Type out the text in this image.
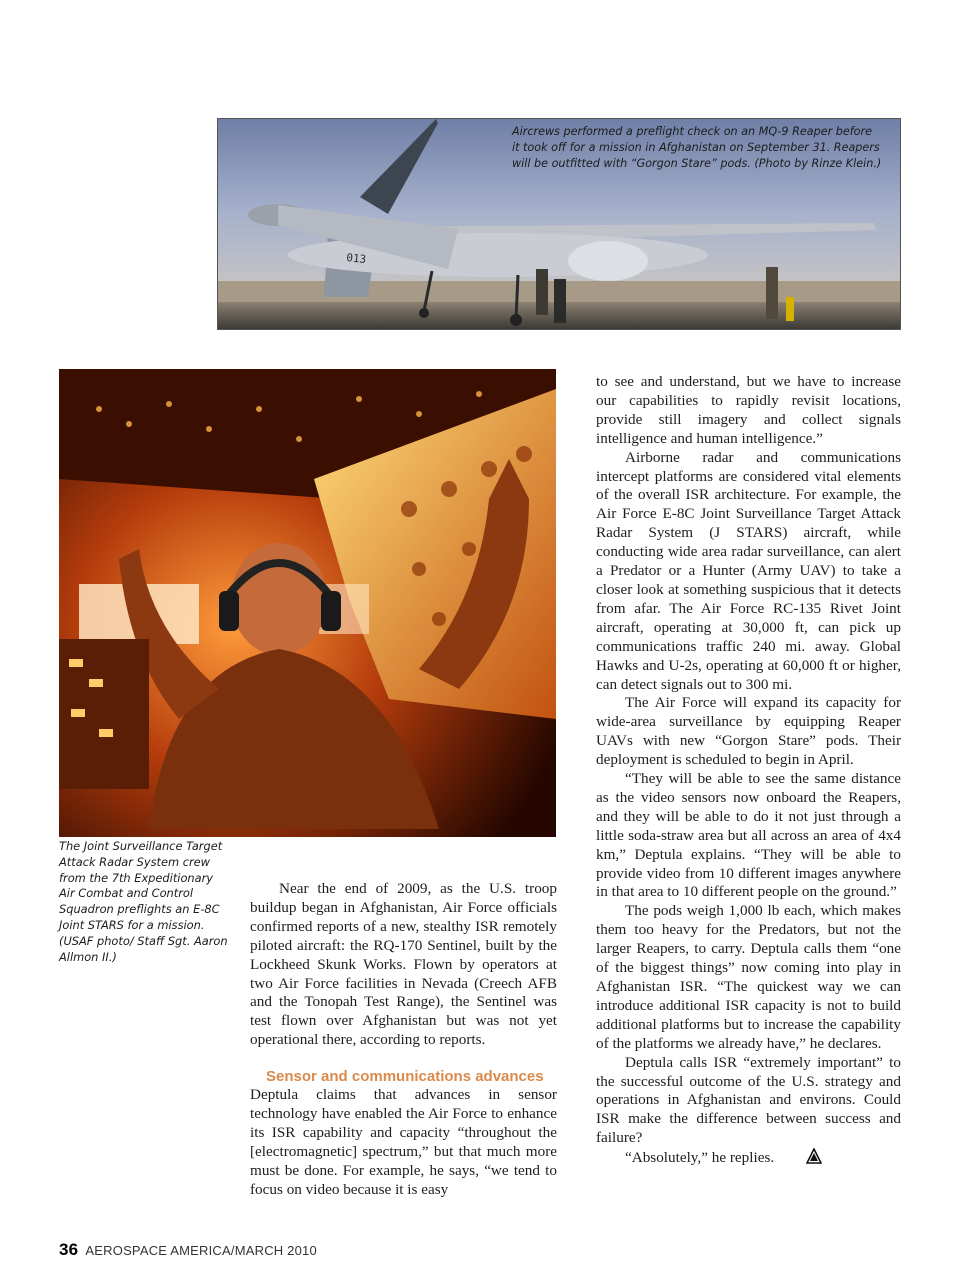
013
Aircrews performed a preflight check on an MQ-9 Reaper before it took off for a mission in Afghanistan on September 31. Reapers will be outfitted with “Gorgon Stare” pods. (Photo by Rinze Klein.)
The Joint Surveillance Target Attack Radar System crew from the 7th Expeditionary Air Combat and Control Squadron preflights an E-8C Joint STARS for a mission. (USAF photo/ Staff Sgt. Aaron Allmon II.)

Near the end of 2009, as the U.S. troop buildup began in Afghanistan, Air Force officials confirmed reports of a new, stealthy ISR remotely piloted aircraft: the RQ-170 Sentinel, built by the Lockheed Skunk Works. Flown by operators at two Air Force facilities in Nevada (Creech AFB and the Tonopah Test Range), the Sentinel was test flown over Afghanistan but was not yet operational there, according to reports.

Sensor and communications advances

Deptula claims that advances in sensor technology have enabled the Air Force to enhance its ISR capability and capacity “throughout the [electromagnetic] spectrum,” but that much more must be done. For example, he says, “we tend to focus on video because it is easy

to see and understand, but we have to increase our capabilities to rapidly revisit locations, provide still imagery and collect signals intelligence and human intelligence.”

Airborne radar and communications intercept platforms are considered vital elements of the overall ISR architecture. For example, the Air Force E-8C Joint Surveillance Target Attack Radar System (J STARS) aircraft, while conducting wide area radar surveillance, can alert a Predator or a Hunter (Army UAV) to take a closer look at something suspicious that it detects from afar. The Air Force RC-135 Rivet Joint aircraft, operating at 30,000 ft, can pick up communications traffic 240 mi. away. Global Hawks and U-2s, operating at 60,000 ft or higher, can detect signals out to 300 mi.

The Air Force will expand its capacity for wide-area surveillance by equipping Reaper UAVs with new “Gorgon Stare” pods. Their deployment is scheduled to begin in April.

“They will be able to see the same distance as the video sensors now onboard the Reapers, and they will be able to do it not just through a little soda-straw area but all across an area of 4x4 km,” Deptula explains. “They will be able to provide video from 10 different images anywhere in that area to 10 different people on the ground.”

The pods weigh 1,000 lb each, which makes them too heavy for the Predators, but not the larger Reapers, to carry. Deptula calls them “one of the biggest things” now coming into play in Afghanistan ISR. “The quickest way we can introduce additional ISR capacity is not to build additional platforms but to increase the capability of the platforms we already have,” he declares.

Deptula calls ISR “extremely important” to the successful outcome of the U.S. strategy and operations in Afghanistan and environs. Could ISR make the difference between success and failure?

“Absolutely,” he replies.

36 AEROSPACE AMERICA/MARCH 2010
